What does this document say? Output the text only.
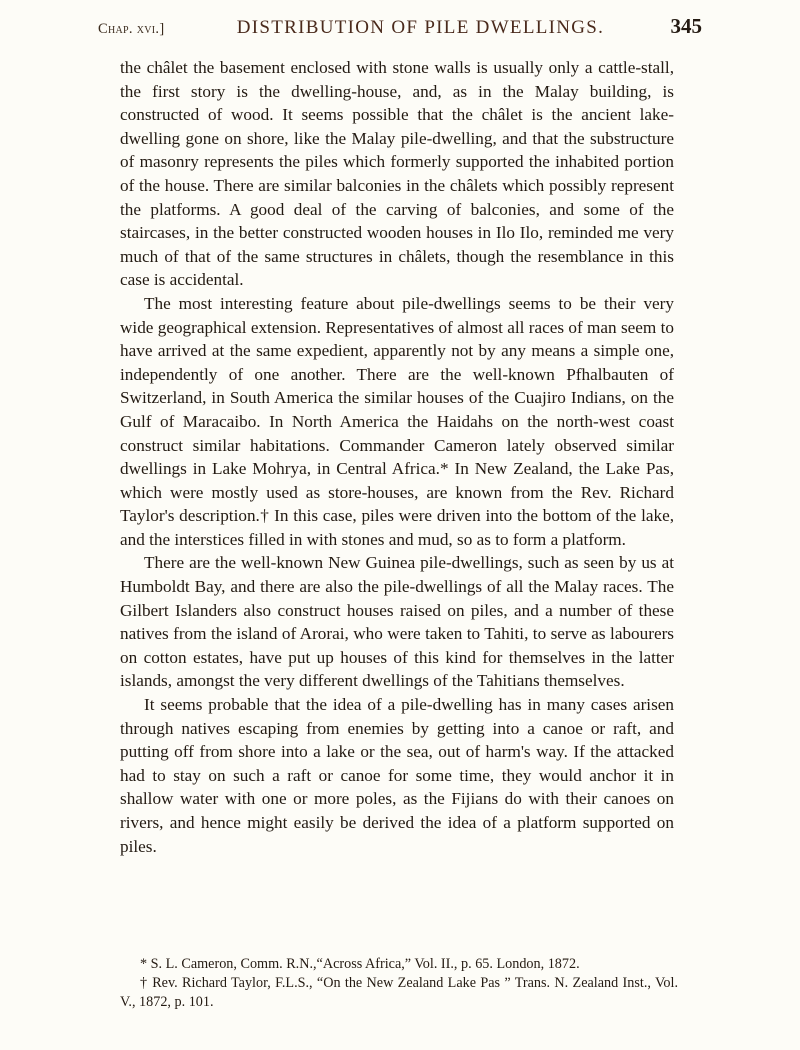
Chap. xvi.]	DISTRIBUTION OF PILE DWELLINGS.	345

the châlet the basement enclosed with stone walls is usually only a cattle-stall, the first story is the dwelling-house, and, as in the Malay building, is constructed of wood. It seems possible that the châlet is the ancient lake-dwelling gone on shore, like the Malay pile-dwelling, and that the substructure of masonry represents the piles which formerly supported the inhabited portion of the house. There are similar balconies in the châlets which possibly represent the platforms. A good deal of the carving of balconies, and some of the staircases, in the better constructed wooden houses in Ilo Ilo, reminded me very much of that of the same structures in châlets, though the resemblance in this case is accidental.

The most interesting feature about pile-dwellings seems to be their very wide geographical extension. Representatives of almost all races of man seem to have arrived at the same expedient, apparently not by any means a simple one, independently of one another. There are the well-known Pfhalbauten of Switzerland, in South America the similar houses of the Cuajiro Indians, on the Gulf of Maracaibo. In North America the Haidahs on the north-west coast construct similar habitations. Commander Cameron lately observed similar dwellings in Lake Mohrya, in Central Africa.* In New Zealand, the Lake Pas, which were mostly used as store-houses, are known from the Rev. Richard Taylor's description.† In this case, piles were driven into the bottom of the lake, and the interstices filled in with stones and mud, so as to form a platform.

There are the well-known New Guinea pile-dwellings, such as seen by us at Humboldt Bay, and there are also the pile-dwellings of all the Malay races. The Gilbert Islanders also construct houses raised on piles, and a number of these natives from the island of Arorai, who were taken to Tahiti, to serve as labourers on cotton estates, have put up houses of this kind for themselves in the latter islands, amongst the very different dwellings of the Tahitians themselves.

It seems probable that the idea of a pile-dwelling has in many cases arisen through natives escaping from enemies by getting into a canoe or raft, and putting off from shore into a lake or the sea, out of harm's way. If the attacked had to stay on such a raft or canoe for some time, they would anchor it in shallow water with one or more poles, as the Fijians do with their canoes on rivers, and hence might easily be derived the idea of a platform supported on piles.

* S. L. Cameron, Comm. R.N.,“Across Africa,” Vol. II., p. 65. London, 1872.

† Rev. Richard Taylor, F.L.S., “On the New Zealand Lake Pas ” Trans. N. Zealand Inst., Vol. V., 1872, p. 101.
